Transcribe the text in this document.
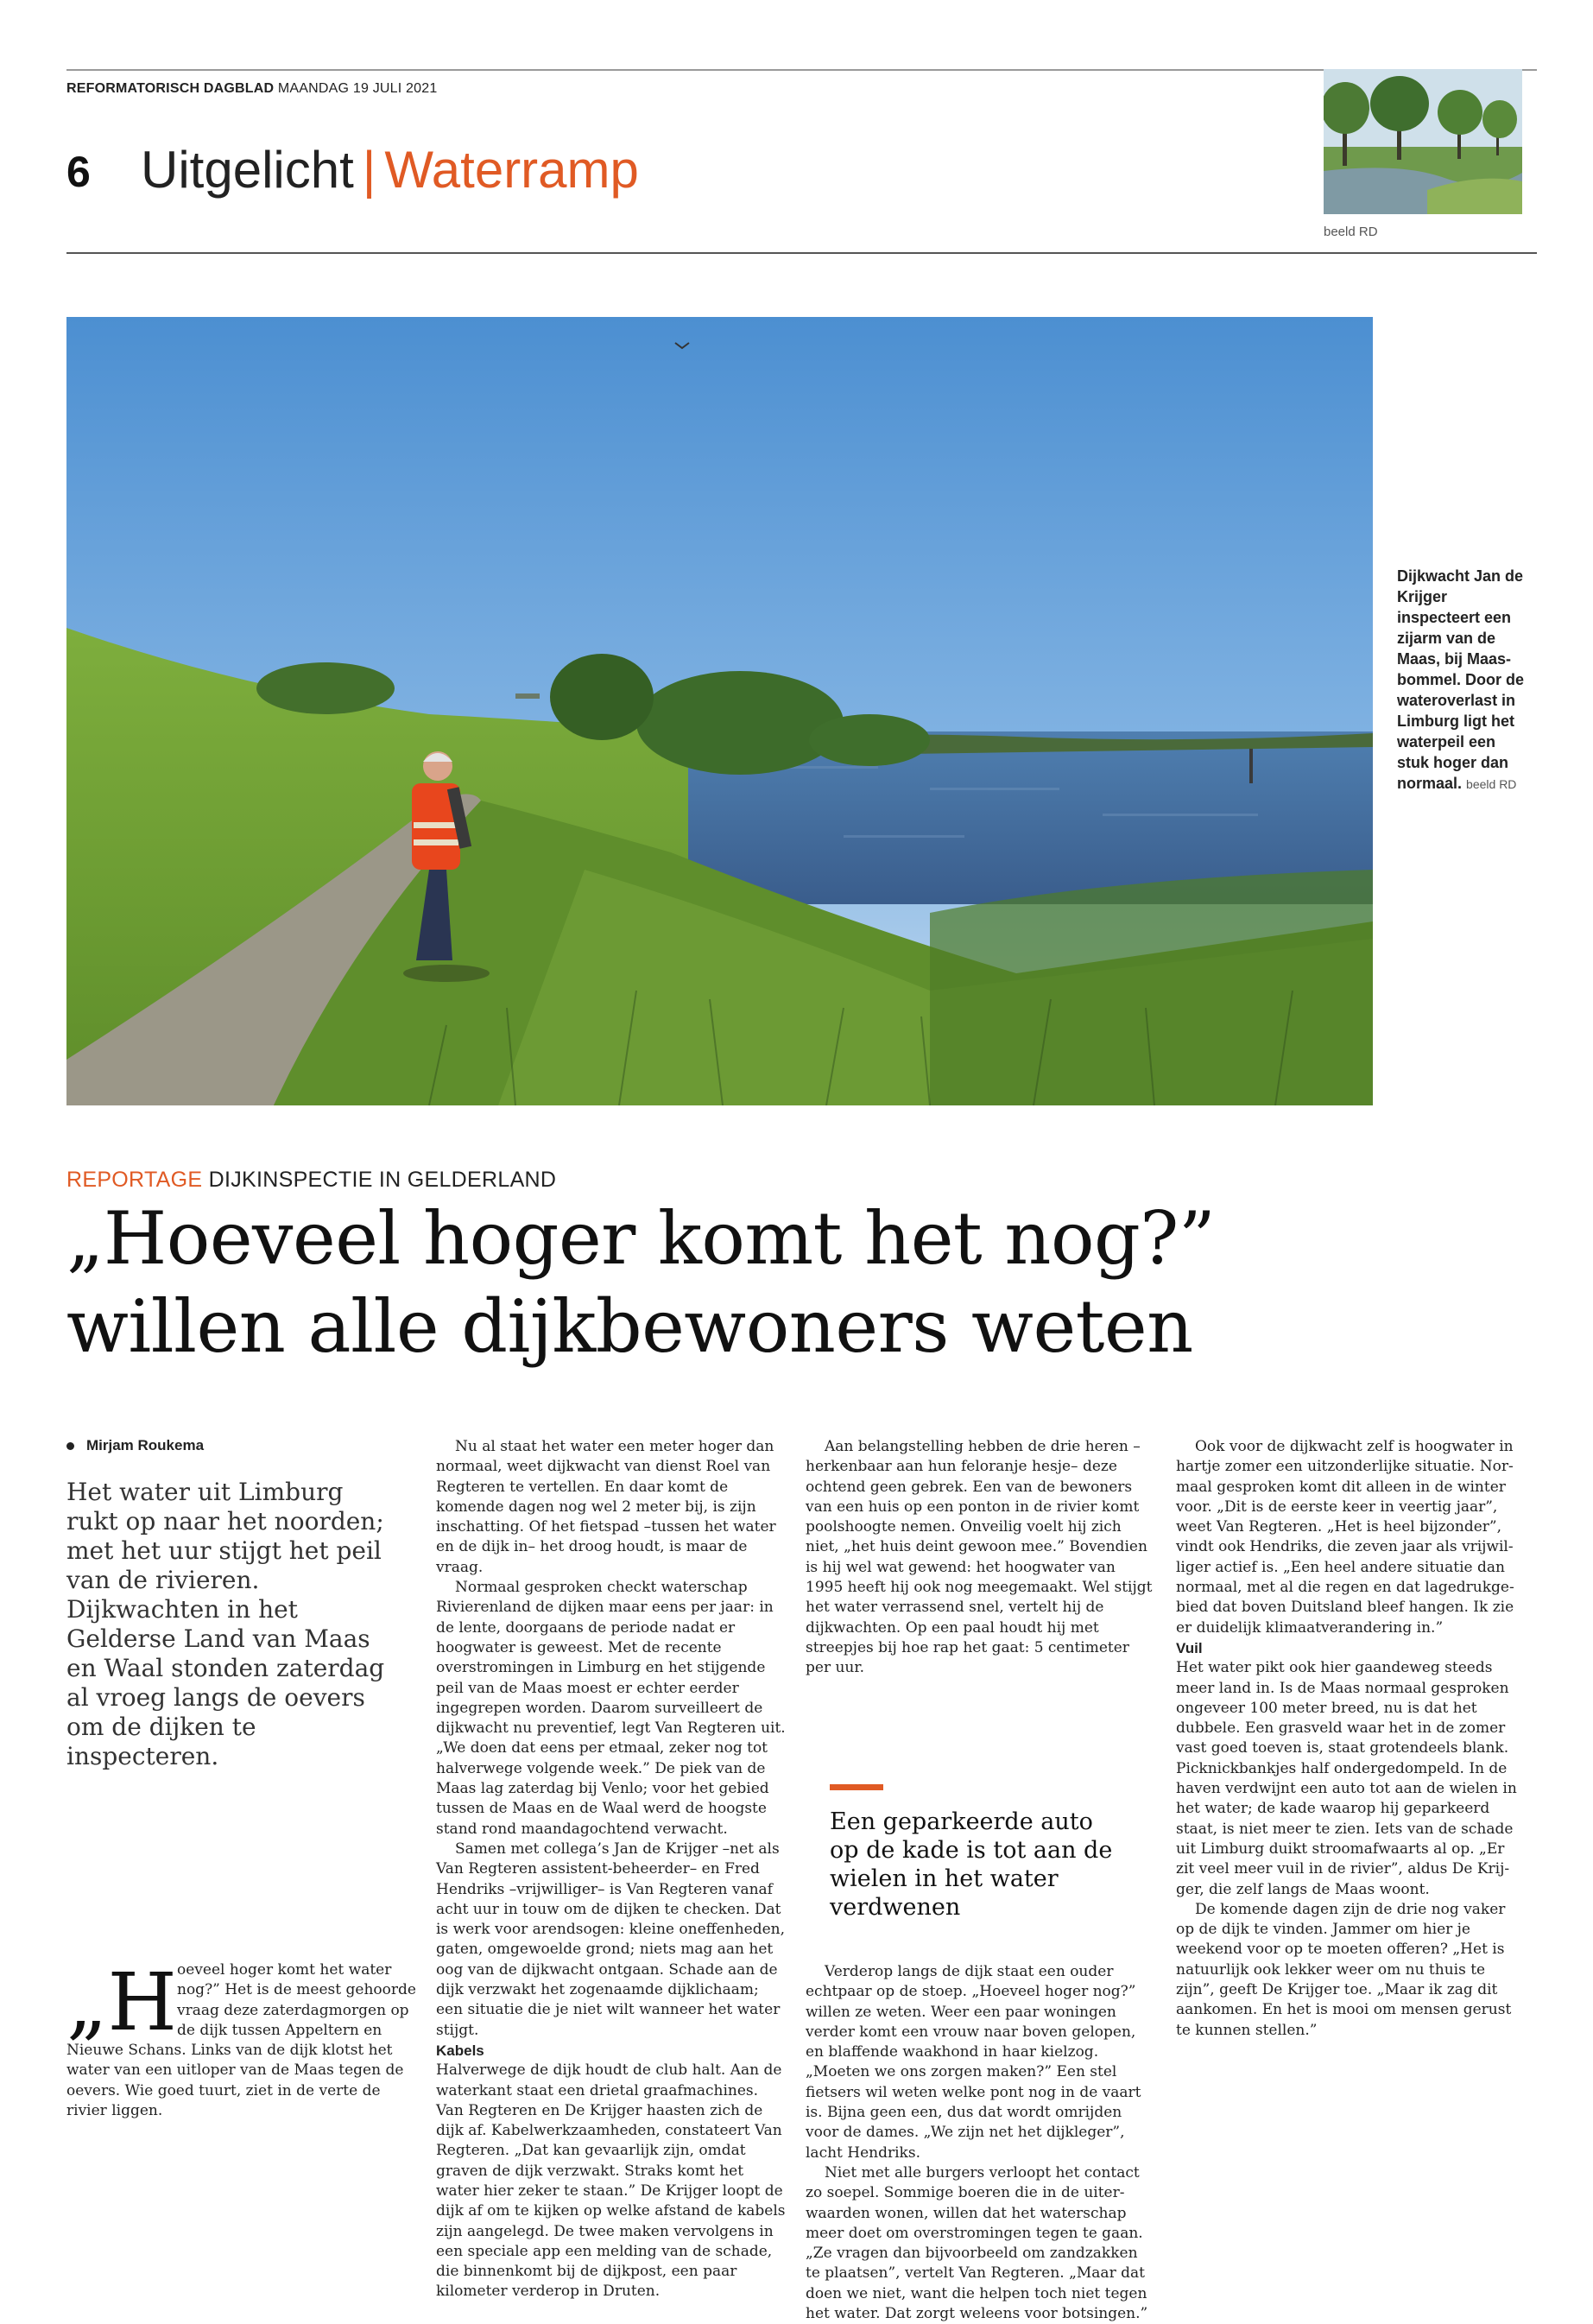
REFORMATORISCH DAGBLAD MAANDAG 19 JULI 2021
6 Uitgelicht | Waterramp
beeld RD
Dijkwacht Jan de Krijger inspecteert een zijarm van de Maas, bij Maas-bommel. Door de wateroverlast in Limburg ligt het waterpeil een stuk hoger dan normaal. beeld RD
REPORTAGE DIJKINSPECTIE IN GELDERLAND
„Hoeveel hoger komt het nog?”
willen alle dijkbewoners weten
Mirjam Roukema
Het water uit Limburg rukt op naar het noorden; met het uur stijgt het peil van de rivieren. Dijkwachten in het Gelderse Land van Maas en Waal stonden zaterdag al vroeg langs de oevers om de dijken te inspecteren.

oeveel hoger komt het water nog?” Het is de meest gehoorde vraag deze zaterdagmorgen op de dijk tussen Appeltern en Nieuwe Schans. Links van de dijk klotst het water van een uitloper van de Maas tegen de oevers. Wie goed tuurt, ziet in de verte de rivier liggen.

„H

Nu al staat het water een meter hoger dan normaal, weet dijkwacht van dienst Roel van Regteren te vertellen. En daar komt de komende dagen nog wel 2 meter bij, is zijn inschatting. Of het fietspad –tussen het water en de dijk in– het droog houdt, is maar de vraag.

Normaal gesproken checkt waterschap Rivierenland de dijken maar eens per jaar: in de lente, doorgaans de periode nadat er hoogwater is geweest. Met de recente overstromingen in Limburg en het stijgende peil van de Maas moest er echter eerder ingegrepen worden. Daarom surveilleert de dijkwacht nu preventief, legt Van Regteren uit. „We doen dat eens per etmaal, zeker nog tot halverwege volgende week.” De piek van de Maas lag zaterdag bij Venlo; voor het gebied tussen de Maas en de Waal werd de hoogste stand rond maandagochtend verwacht.

Samen met collega’s Jan de Krijger –net als Van Regteren assistent-beheerder– en Fred Hendriks –vrijwilliger– is Van Regteren vanaf acht uur in touw om de dijken te checken. Dat is werk voor arendsogen: kleine oneffenheden, gaten, omgewoelde grond; niets mag aan het oog van de dijkwacht ontgaan. Schade aan de dijk verzwakt het zogenaamde dijklichaam; een situatie die je niet wilt wanneer het water stijgt.

Kabels

Halverwege de dijk houdt de club halt. Aan de waterkant staat een drietal graafmachines. Van Regteren en De Krijger haasten zich de dijk af. Kabelwerkzaamheden, constateert Van Regteren. „Dat kan gevaarlijk zijn, omdat graven de dijk verzwakt. Straks komt het water hier zeker te staan.” De Krijger loopt de dijk af om te kijken op welke afstand de kabels zijn aangelegd. De twee maken vervolgens in een speciale app een melding van de schade, die binnenkomt bij de dijkpost, een paar kilometer verderop in Druten.

Aan belangstelling hebben de drie heren –herkenbaar aan hun feloranje hesje– deze ochtend geen gebrek. Een van de bewoners van een huis op een ponton in de rivier komt poolshoogte nemen. Onveilig voelt hij zich niet, „het huis deint gewoon mee.” Bovendien is hij wel wat gewend: het hoogwater van 1995 heeft hij ook nog meegemaakt. Wel stijgt het water verrassend snel, vertelt hij de dijkwachten. Op een paal houdt hij met streepjes bij hoe rap het gaat: 5 centimeter per uur.

Een geparkeerde auto op de kade is tot aan de wielen in het water verdwenen

Verderop langs de dijk staat een ouder echtpaar op de stoep. „Hoeveel hoger nog?” willen ze weten. Weer een paar woningen verder komt een vrouw naar boven gelopen, en blaffende waakhond in haar kielzog. „Moeten we ons zorgen maken?” Een stel fietsers wil weten welke pont nog in de vaart is. Bijna geen een, dus dat wordt omrijden voor de dames. „We zijn net het dijkleger”, lacht Hendriks.

Niet met alle burgers verloopt het contact zo soepel. Sommige boeren die in de uiterwaarden wonen, willen dat het waterschap meer doet om overstromingen tegen te gaan. „Ze vragen dan bijvoorbeeld om zandzakken te plaatsen”, vertelt Van Regteren. „Maar dat doen we niet, want die helpen toch niet tegen het water. Dat zorgt weleens voor botsingen.”

Ook voor de dijkwacht zelf is hoogwater in hartje zomer een uitzonderlijke situatie. Normaal gesproken komt dit alleen in de winter voor. „Dit is de eerste keer in veertig jaar”, weet Van Regteren. „Het is heel bijzonder”, vindt ook Hendriks, die zeven jaar als vrijwilliger actief is. „Een heel andere situatie dan normaal, met al die regen en dat lagedrukgebied dat boven Duitsland bleef hangen. Ik zie er duidelijk klimaatverandering in.”

Vuil

Het water pikt ook hier gaandeweg steeds meer land in. Is de Maas normaal gesproken ongeveer 100 meter breed, nu is dat het dubbele. Een grasveld waar het in de zomer vast goed toeven is, staat grotendeels blank. Picknickbankjes half ondergedompeld. In de haven verdwijnt een auto tot aan de wielen in het water; de kade waarop hij geparkeerd staat, is niet meer te zien. Iets van de schade uit Limburg duikt stroomafwaarts al op. „Er zit veel meer vuil in de rivier”, aldus De Krijger, die zelf langs de Maas woont.

De komende dagen zijn de drie nog vaker op de dijk te vinden. Jammer om hier je weekend voor op te moeten offeren? „Het is natuurlijk ook lekker weer om nu thuis te zijn”, geeft De Krijger toe. „Maar ik zag dit aankomen. En het is mooi om mensen gerust te kunnen stellen.”
